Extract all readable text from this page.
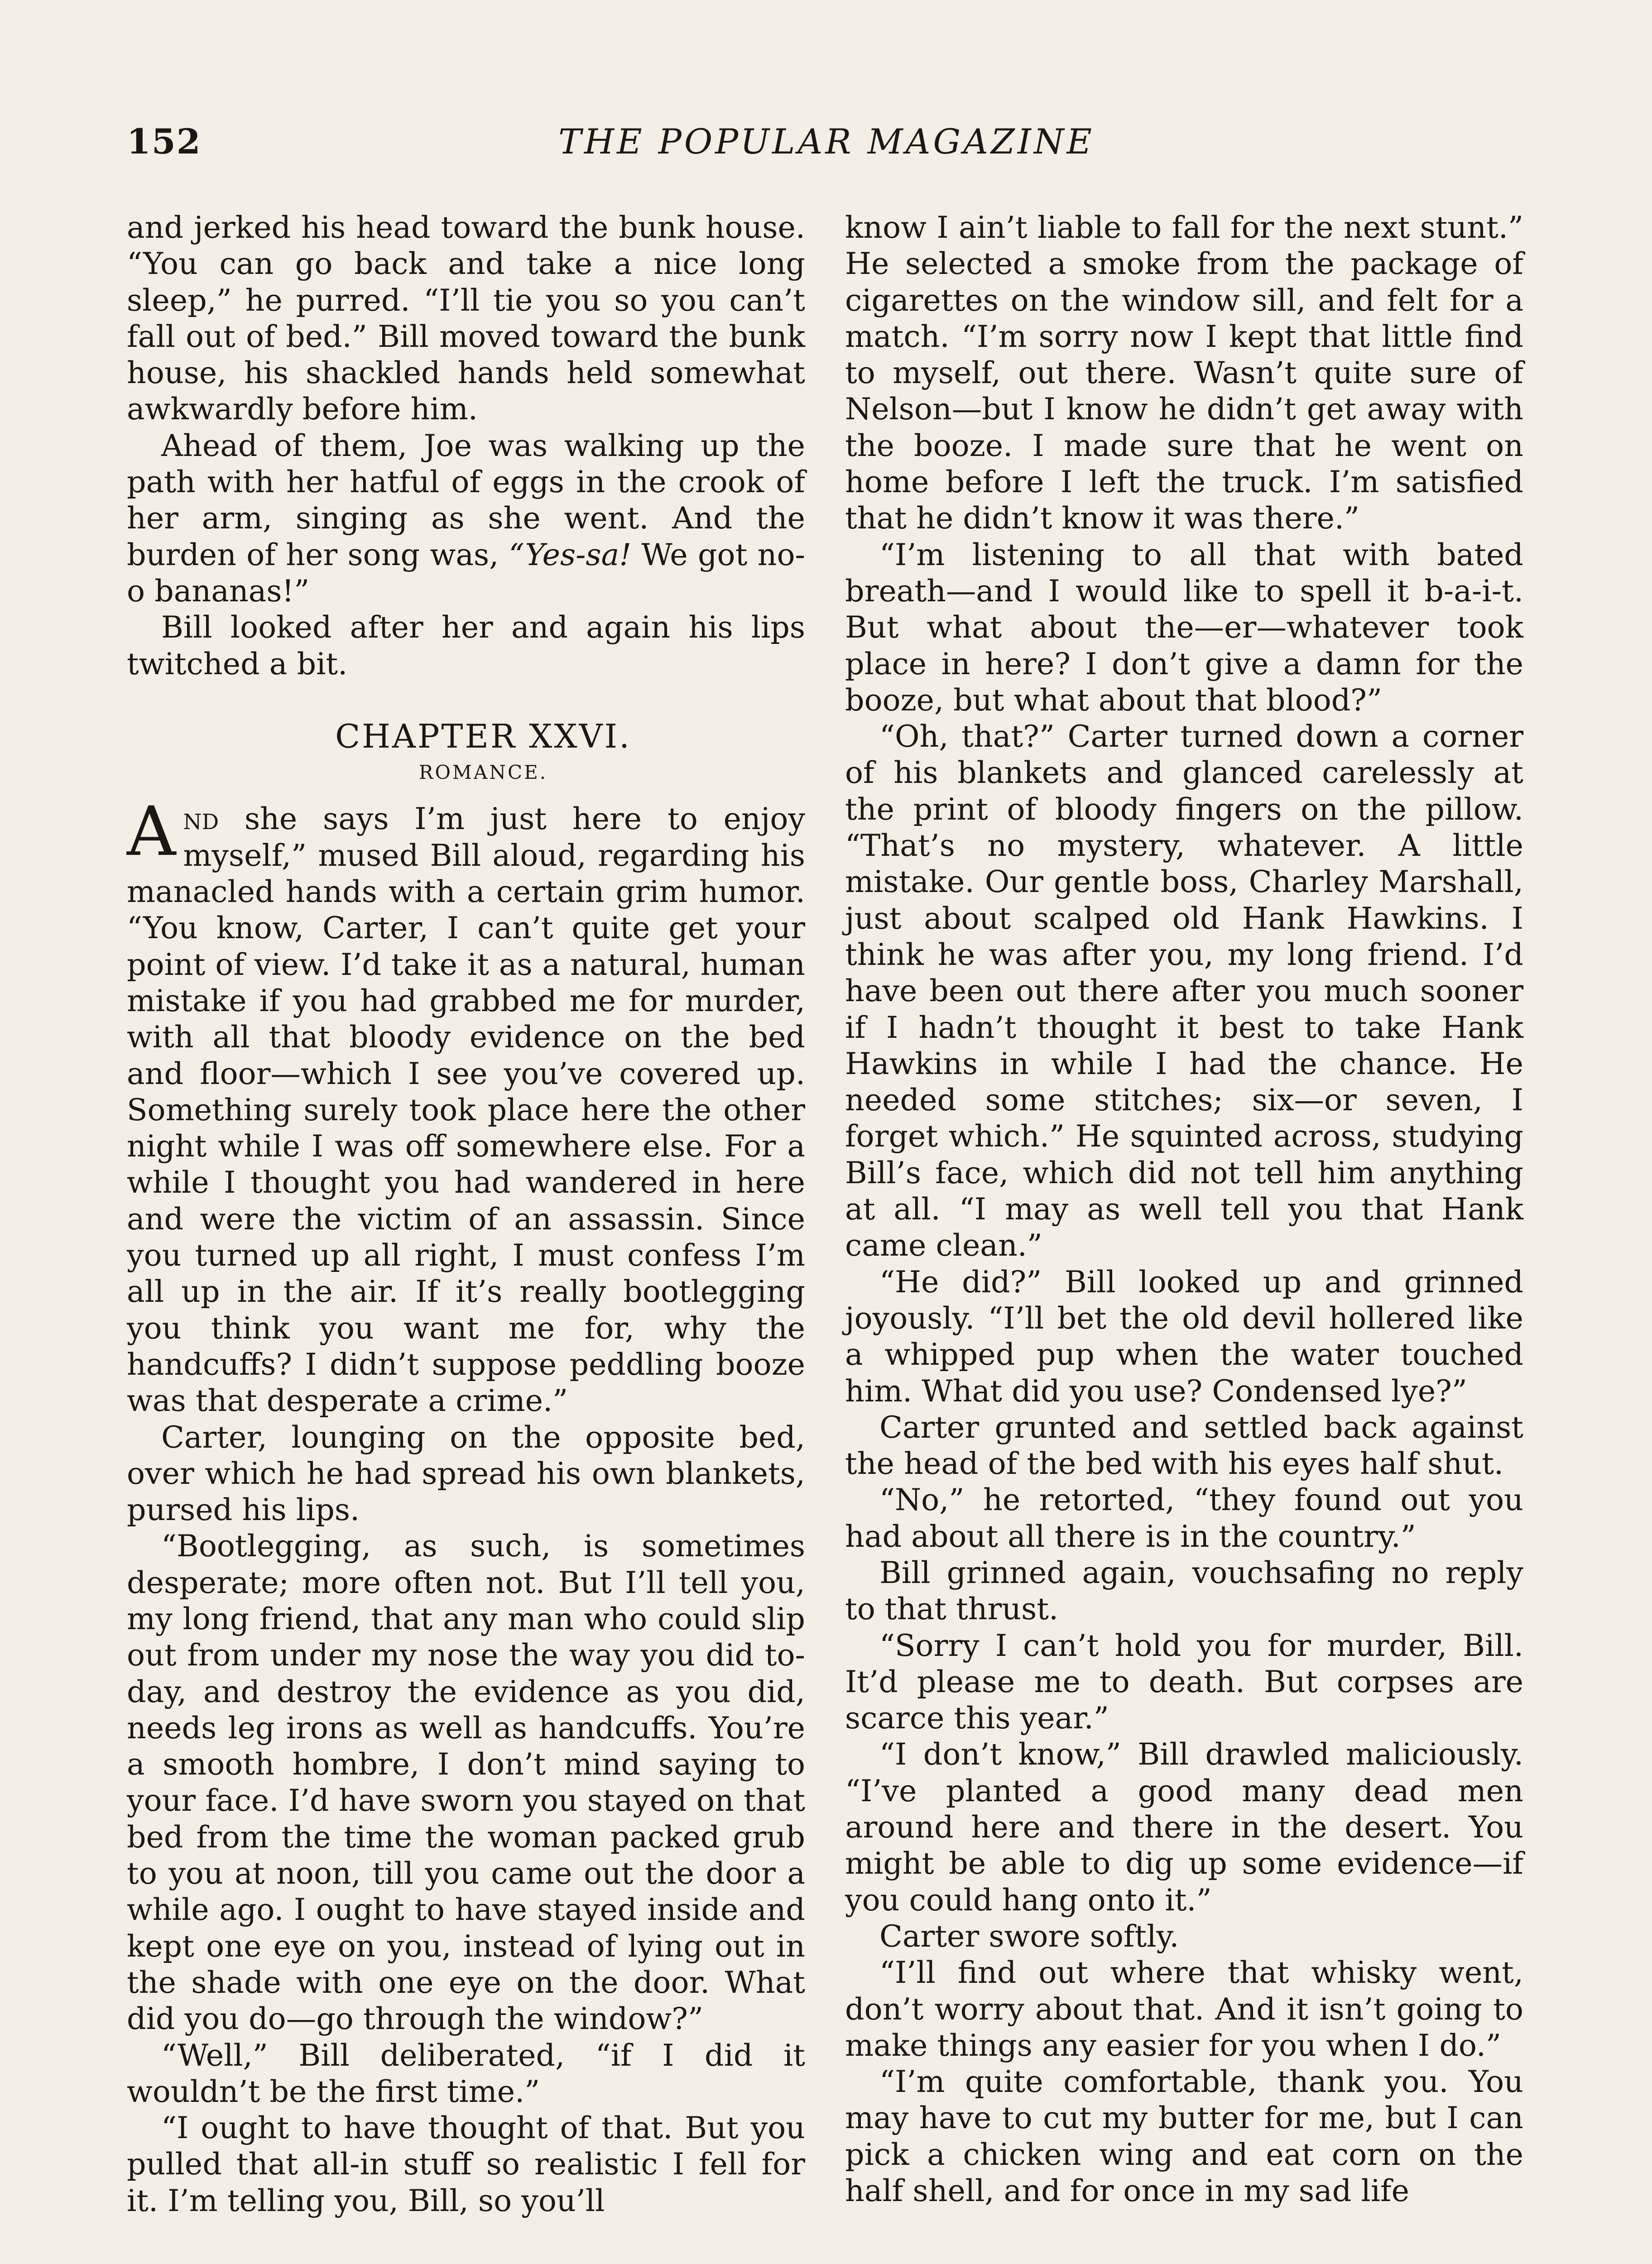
152	THE POPULAR MAGAZINE

and jerked his head toward the bunk house. “You can go back and take a nice long sleep,” he purred. “I’ll tie you so you can’t fall out of bed.” Bill moved toward the bunk house, his shackled hands held somewhat awkwardly before him.

Ahead of them, Joe was walking up the path with her hatful of eggs in the crook of her arm, singing as she went. And the burden of her song was, “Yes-sa! We got no-o bananas!”

Bill looked after her and again his lips twitched a bit.

CHAPTER XXVI.

ROMANCE.

And she says I’m just here to enjoy myself,” mused Bill aloud, regarding his manacled hands with a certain grim humor. “You know, Carter, I can’t quite get your point of view. I’d take it as a natural, human mistake if you had grabbed me for murder, with all that bloody evidence on the bed and floor—which I see you’ve covered up. Something surely took place here the other night while I was off somewhere else. For a while I thought you had wandered in here and were the victim of an assassin. Since you turned up all right, I must confess I’m all up in the air. If it’s really bootlegging you think you want me for, why the handcuffs? I didn’t suppose peddling booze was that desperate a crime.”

Carter, lounging on the opposite bed, over which he had spread his own blankets, pursed his lips.

“Bootlegging, as such, is sometimes desperate; more often not. But I’ll tell you, my long friend, that any man who could slip out from under my nose the way you did to-day, and destroy the evidence as you did, needs leg irons as well as handcuffs. You’re a smooth hombre, I don’t mind saying to your face. I’d have sworn you stayed on that bed from the time the woman packed grub to you at noon, till you came out the door a while ago. I ought to have stayed inside and kept one eye on you, instead of lying out in the shade with one eye on the door. What did you do—go through the window?”

“Well,” Bill deliberated, “if I did it wouldn’t be the first time.”

“I ought to have thought of that. But you pulled that all-in stuff so realistic I fell for it. I’m telling you, Bill, so you’ll

know I ain’t liable to fall for the next stunt.” He selected a smoke from the package of cigarettes on the window sill, and felt for a match. “I’m sorry now I kept that little find to myself, out there. Wasn’t quite sure of Nelson—but I know he didn’t get away with the booze. I made sure that he went on home before I left the truck. I’m satisfied that he didn’t know it was there.”

“I’m listening to all that with bated breath—and I would like to spell it b-a-i-t. But what about the—er—whatever took place in here? I don’t give a damn for the booze, but what about that blood?”

“Oh, that?” Carter turned down a corner of his blankets and glanced carelessly at the print of bloody fingers on the pillow. “That’s no mystery, whatever. A little mistake. Our gentle boss, Charley Marshall, just about scalped old Hank Hawkins. I think he was after you, my long friend. I’d have been out there after you much sooner if I hadn’t thought it best to take Hank Hawkins in while I had the chance. He needed some stitches; six—or seven, I forget which.” He squinted across, studying Bill’s face, which did not tell him anything at all. “I may as well tell you that Hank came clean.”

“He did?” Bill looked up and grinned joyously. “I’ll bet the old devil hollered like a whipped pup when the water touched him. What did you use? Condensed lye?”

Carter grunted and settled back against the head of the bed with his eyes half shut.

“No,” he retorted, “they found out you had about all there is in the country.”

Bill grinned again, vouchsafing no reply to that thrust.

“Sorry I can’t hold you for murder, Bill. It’d please me to death. But corpses are scarce this year.”

“I don’t know,” Bill drawled maliciously. “I’ve planted a good many dead men around here and there in the desert. You might be able to dig up some evidence—if you could hang onto it.”

Carter swore softly.

“I’ll find out where that whisky went, don’t worry about that. And it isn’t going to make things any easier for you when I do.”

“I’m quite comfortable, thank you. You may have to cut my butter for me, but I can pick a chicken wing and eat corn on the half shell, and for once in my sad life
